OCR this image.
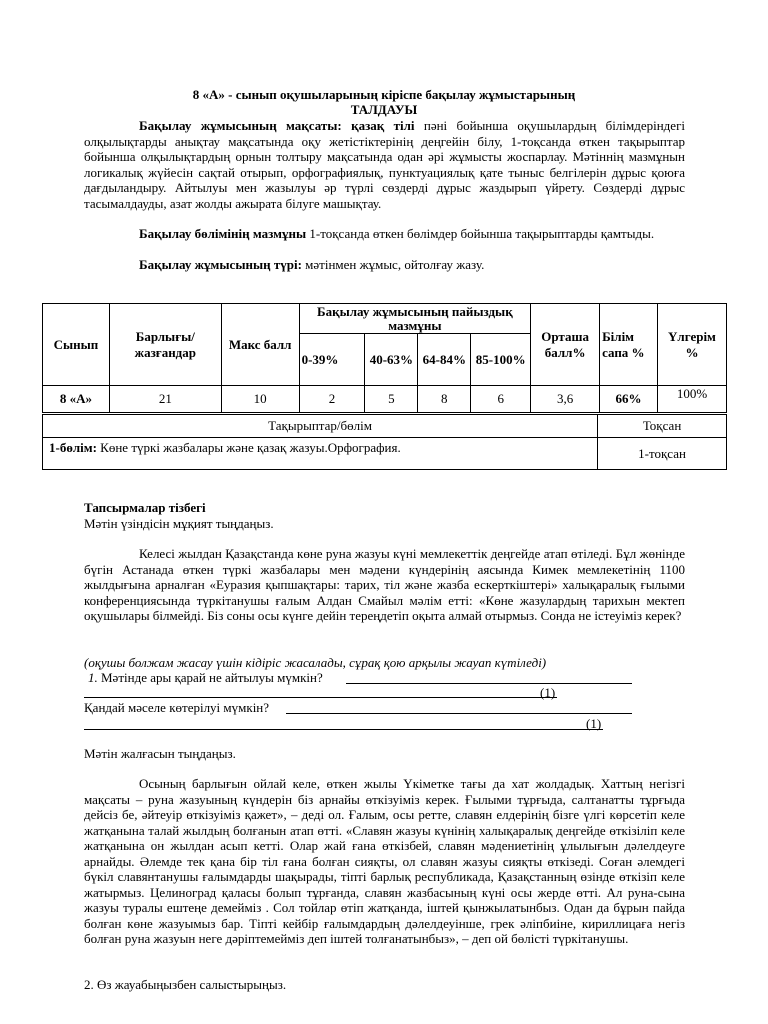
8 «А» - сынып оқушыларының кіріспе бақылау жұмыстарының
ТАЛДАУЫ
Бақылау жұмысының мақсаты: қазақ тілі пәні бойынша оқушылардың білімдеріндегі олқылықтарды анықтау мақсатында оқу жетістіктерінің деңгейін білу, 1-тоқсанда өткен тақырыптар бойынша олқылықтардың орнын толтыру мақсатында одан әрі жұмысты жоспарлау. Мәтіннің мазмұнын логикалық жүйесін сақтай отырып, орфографиялық, пунктуациялық қате тыныс белгілерін дұрыс қоюға дағдыландыру. Айтылуы мен жазылуы әр түрлі сөздерді дұрыс жаздырып үйрету. Сөздерді дұрыс тасымалдауды, азат жолды ажырата білуге машықтау.
Бақылау бөлімінің мазмұны 1-тоқсанда өткен бөлімдер бойынша тақырыптарды қамтыды.
Бақылау жұмысының түрі: мәтінмен жұмыс, ойтолғау жазу.
Сынып	Барлығы/ жазғандар	Макс балл	Бақылау жұмысының пайыздық мазмұны				Орташа балл%	Білім сапа %	Үлгерім %
			0-39%	40-63%	64-84%	85-100%			
8 «А»	21	10	2	5	8	6	3,6	66%	100%
Тақырыптар/бөлім	Тоқсан
1-бөлім: Көне түркі жазбалары және қазақ жазуы.Орфография.	1-тоқсан
Тапсырмалар тізбегі
Мәтін үзіндісін мұқият тыңдаңыз.
Келесі жылдан Қазақстанда көне руна жазуы күні мемлекеттік деңгейде атап өтіледі. Бұл жөнінде бүгін Астанада өткен түркі жазбалары мен мәдени күндерінің аясында Кимек мемлекетінің 1100 жылдығына арналған «Еуразия қыпшақтары: тарих, тіл және жазба ескерткіштері» халықаралық ғылыми конференциясында түркітанушы ғалым Алдан Смайыл мәлім етті: «Көне жазулардың тарихын мектеп оқушылары білмейді. Біз соны осы күнге дейін тереңдетіп оқыта алмай отырмыз. Сонда не істеуіміз керек?
(оқушы болжам жасау үшін кідіріс жасалады, сұрақ қою арқылы жауап күтіледі)
1. Мәтінде ары қарай не айтылуы мүмкін?
(1)
Қандай мәселе көтерілуі мүмкін?
(1)
Мәтін жалғасын тыңдаңыз.
Осының барлығын ойлай келе, өткен жылы Үкіметке тағы да хат жолдадық. Хаттың негізгі мақсаты – руна жазуының күндерін біз арнайы өткізуіміз керек. Ғылыми тұрғыда, салтанатты тұрғыда дейсіз бе, әйтеуір өткізуіміз қажет», – деді ол. Ғалым, осы ретте, славян елдерінің бізге үлгі көрсетіп келе жатқанына талай жылдың болғанын атап өтті. «Славян жазуы күнінің халықаралық деңгейде өткізіліп келе жатқанына он жылдан асып кетті. Олар жай ғана өткізбей, славян мәдениетінің ұлылығын дәлелдеуге арнайды. Әлемде тек қана бір тіл ғана болған сияқты, ол славян жазуы сияқты өткізеді. Соған әлемдегі бүкіл славянтанушы ғалымдарды шақырады, тіпті барлық республикада, Қазақстанның өзінде өткізіп келе жатырмыз. Целиноград қаласы болып тұрғанда, славян жазбасының күні осы жерде өтті. Ал руна-сына жазуы туралы ештеңе демейміз . Сол тойлар өтіп жатқанда, іштей қынжылатынбыз. Одан да бұрын пайда болған көне жазуымыз бар. Тіпті кейбір ғалымдардың дәлелдеуінше, грек әліпбиіне, кириллицаға негіз болған руна жазуын неге дәріптемейміз деп іштей толғанатынбыз», – деп ой бөлісті түркітанушы.
2. Өз жауабыңызбен салыстырыңыз.
